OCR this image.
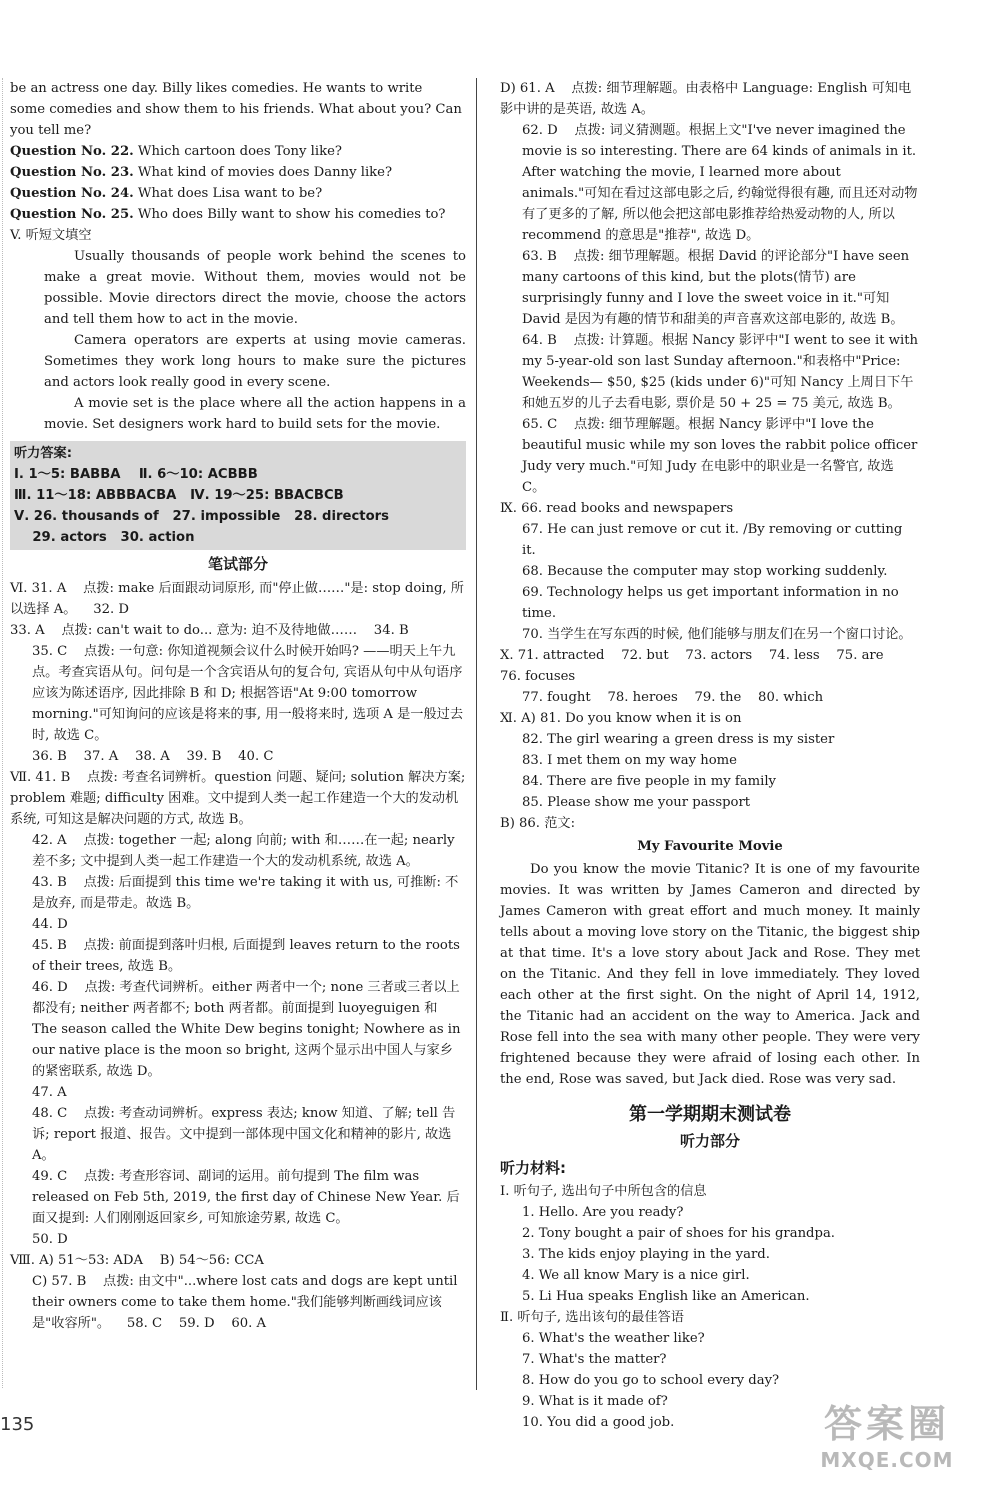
be an actress one day. Billy likes comedies. He wants to write
some comedies and show them to his friends. What about you? Can
you tell me?
Question No. 22. Which cartoon does Tony like?
Question No. 23. What kind of movies does Danny like?
Question No. 24. What does Lisa want to be?
Question No. 25. Who does Billy want to show his comedies to?
V. 听短文填空
Usually thousands of people work behind the scenes to make a great movie. Without them, movies would not be possible. Movie directors direct the movie, choose the actors and tell them how to act in the movie.
Camera operators are experts at using movie cameras. Sometimes they work long hours to make sure the pictures and actors look really good in every scene.
A movie set is the place where all the action happens in a movie. Set designers work hard to build sets for the movie.
听力答案:
Ⅰ. 1～5: BABBA    Ⅱ. 6～10: ACBBB
Ⅲ. 11～18: ABBBACBA   Ⅳ. 19～25: BBACBCB
Ⅴ. 26. thousands of   27. impossible   28. directors
29. actors   30. action
笔试部分
Ⅵ. 31. A    点拨: make 后面跟动词原形, 而"停止做……"是: stop doing, 所以选择 A。    32. D
33. A    点拨: can't wait to do... 意为: 迫不及待地做……    34. B
35. C    点拨: 一句意: 你知道视频会议什么时候开始吗? ——明天上午九点。考查宾语从句。问句是一个含宾语从句的复合句, 宾语从句中从句语序应该为陈述语序, 因此排除 B 和 D; 根据答语"At 9:00 tomorrow morning."可知询问的应该是将来的事, 用一般将来时, 选项 A 是一般过去时, 故选 C。
36. B    37. A    38. A    39. B    40. C
Ⅶ. 41. B    点拨: 考查名词辨析。question 问题、疑问; solution 解决方案; problem 难题; difficulty 困难。文中提到人类一起工作建造一个大的发动机系统, 可知这是解决问题的方式, 故选 B。
42. A    点拨: together 一起; along 向前; with 和……在一起; nearly 差不多; 文中提到人类一起工作建造一个大的发动机系统, 故选 A。
43. B    点拨: 后面提到 this time we're taking it with us, 可推断: 不是放弃, 而是带走。故选 B。
44. D
45. B    点拨: 前面提到落叶归根, 后面提到 leaves return to the roots of their trees, 故选 B。
46. D    点拨: 考查代词辨析。either 两者中一个; none 三者或三者以上都没有; neither 两者都不; both 两者都。前面提到 luoyeguigen 和 The season called the White Dew begins tonight; Nowhere as in our native place is the moon so bright, 这两个显示出中国人与家乡的紧密联系, 故选 D。
47. A
48. C    点拨: 考查动词辨析。express 表达; know 知道、了解; tell 告诉; report 报道、报告。文中提到一部体现中国文化和精神的影片, 故选 A。
49. C    点拨: 考查形容词、副词的运用。前句提到 The film was released on Feb 5th, 2019, the first day of Chinese New Year. 后面又提到: 人们刚刚返回家乡, 可知旅途劳累, 故选 C。
50. D
Ⅷ. A) 51～53: ADA    B) 54～56: CCA
C) 57. B    点拨: 由文中"...where lost cats and dogs are kept until their owners come to take them home."我们能够判断画线词应该是"收容所"。    58. C    59. D    60. A
D) 61. A    点拨: 细节理解题。由表格中 Language: English 可知电影中讲的是英语, 故选 A。
62. D    点拨: 词义猜测题。根据上文"I've never imagined the movie is so interesting. There are 64 kinds of animals in it. After watching the movie, I learned more about animals."可知在看过这部电影之后, 约翰觉得很有趣, 而且还对动物有了更多的了解, 所以他会把这部电影推荐给热爱动物的人, 所以 recommend 的意思是"推荐", 故选 D。
63. B    点拨: 细节理解题。根据 David 的评论部分"I have seen many cartoons of this kind, but the plots(情节) are surprisingly funny and I love the sweet voice in it."可知 David 是因为有趣的情节和甜美的声音喜欢这部电影的, 故选 B。
64. B    点拨: 计算题。根据 Nancy 影评中"I went to see it with my 5-year-old son last Sunday afternoon."和表格中"Price: Weekends— $50, $25 (kids under 6)"可知 Nancy 上周日下午和她五岁的儿子去看电影, 票价是 50 + 25 = 75 美元, 故选 B。
65. C    点拨: 细节理解题。根据 Nancy 影评中"I love the beautiful music while my son loves the rabbit police officer Judy very much."可知 Judy 在电影中的职业是一名警官, 故选 C。
Ⅸ. 66. read books and newspapers
67. He can just remove or cut it. /By removing or cutting it.
68. Because the computer may stop working suddenly.
69. Technology helps us get important information in no time.
70. 当学生在写东西的时候, 他们能够与朋友们在另一个窗口讨论。
Ⅹ. 71. attracted    72. but    73. actors    74. less    75. are    76. focuses
77. fought    78. heroes    79. the    80. which
Ⅺ. A) 81. Do you know when it is on
82. The girl wearing a green dress is my sister
83. I met them on my way home
84. There are five people in my family
85. Please show me your passport
B) 86. 范文:
My Favourite Movie

Do you know the movie Titanic? It is one of my favourite movies. It was written by James Cameron and directed by James Cameron with great effort and much money. It mainly tells about a moving love story on the Titanic, the biggest ship at that time. It's a love story about Jack and Rose. They met on the Titanic. And they fell in love immediately. They loved each other at the first sight. On the night of April 14, 1912, the Titanic had an accident on the way to America. Jack and Rose fell into the sea with many other people. They were very frightened because they were afraid of losing each other. In the end, Rose was saved, but Jack died. Rose was very sad.

第一学期期末测试卷
听力部分
听力材料:
Ⅰ. 听句子, 选出句子中所包含的信息
1. Hello. Are you ready?
2. Tony bought a pair of shoes for his grandpa.
3. The kids enjoy playing in the yard.
4. We all know Mary is a nice girl.
5. Li Hua speaks English like an American.
Ⅱ. 听句子, 选出该句的最佳答语
6. What's the weather like?
7. What's the matter?
8. How do you go to school every day?
9. What is it made of?
10. You did a good job.
135	答案圈
MXQE.COM
